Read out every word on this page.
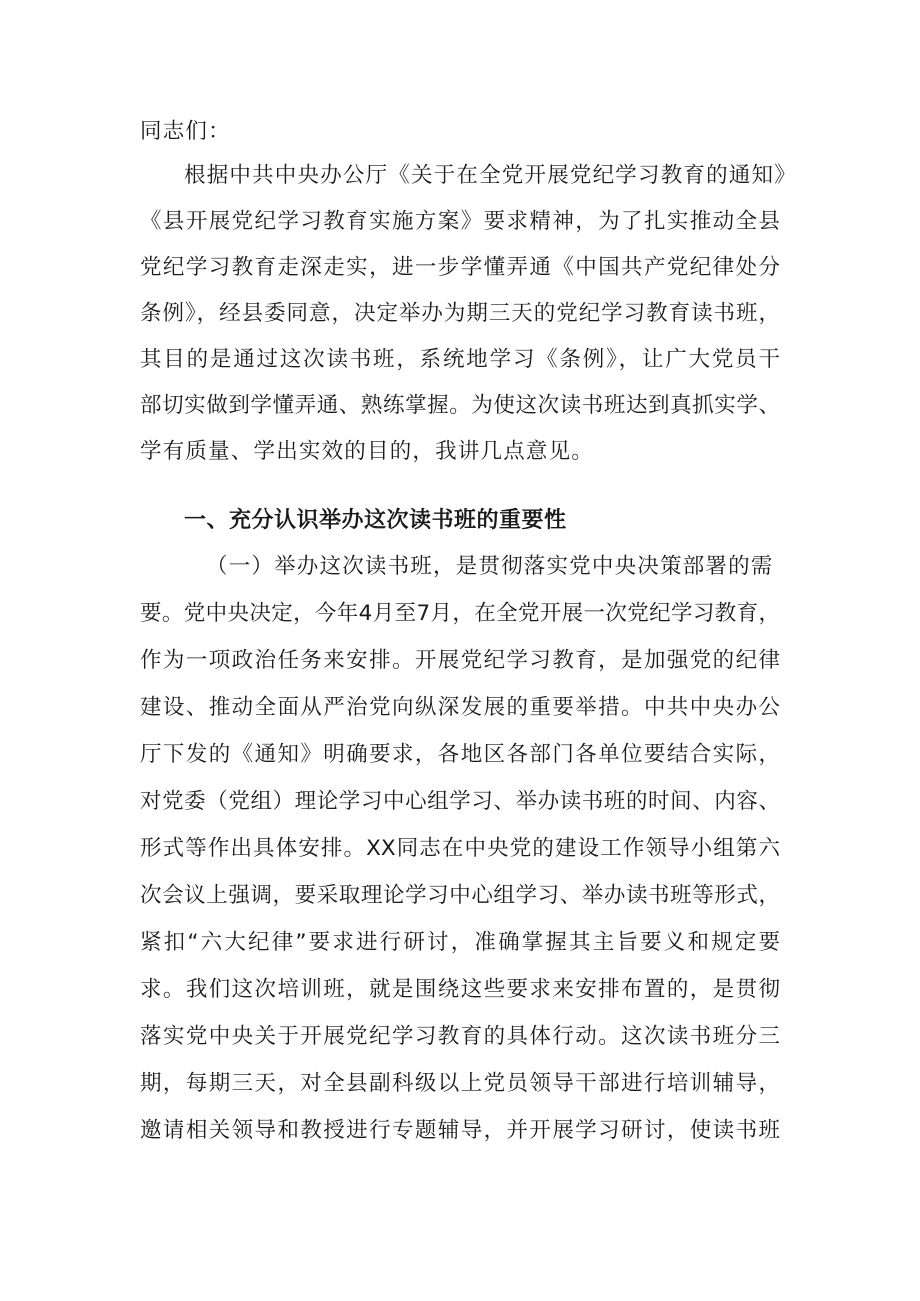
同志们：
根据中共中央办公厅《关于在全党开展党纪学习教育的通知》
《县开展党纪学习教育实施方案》要求精神，为了扎实推动全县
党纪学习教育走深走实，进一步学懂弄通《中国共产党纪律处分
条例》，经县委同意，决定举办为期三天的党纪学习教育读书班，
其目的是通过这次读书班，系统地学习《条例》，让广大党员干
部切实做到学懂弄通、熟练掌握。为使这次读书班达到真抓实学、
学有质量、学出实效的目的，我讲几点意见。
一、充分认识举办这次读书班的重要性
（一）举办这次读书班，是贯彻落实党中央决策部署的需
要。党中央决定，今年4月至7月，在全党开展一次党纪学习教育，
作为一项政治任务来安排。开展党纪学习教育，是加强党的纪律
建设、推动全面从严治党向纵深发展的重要举措。中共中央办公
厅下发的《通知》明确要求，各地区各部门各单位要结合实际，
对党委（党组）理论学习中心组学习、举办读书班的时间、内容、
形式等作出具体安排。XX同志在中央党的建设工作领导小组第六
次会议上强调，要采取理论学习中心组学习、举办读书班等形式，
紧扣“六大纪律”要求进行研讨，准确掌握其主旨要义和规定要
求。我们这次培训班，就是围绕这些要求来安排布置的，是贯彻
落实党中央关于开展党纪学习教育的具体行动。这次读书班分三
期，每期三天，对全县副科级以上党员领导干部进行培训辅导，
邀请相关领导和教授进行专题辅导，并开展学习研讨，使读书班
